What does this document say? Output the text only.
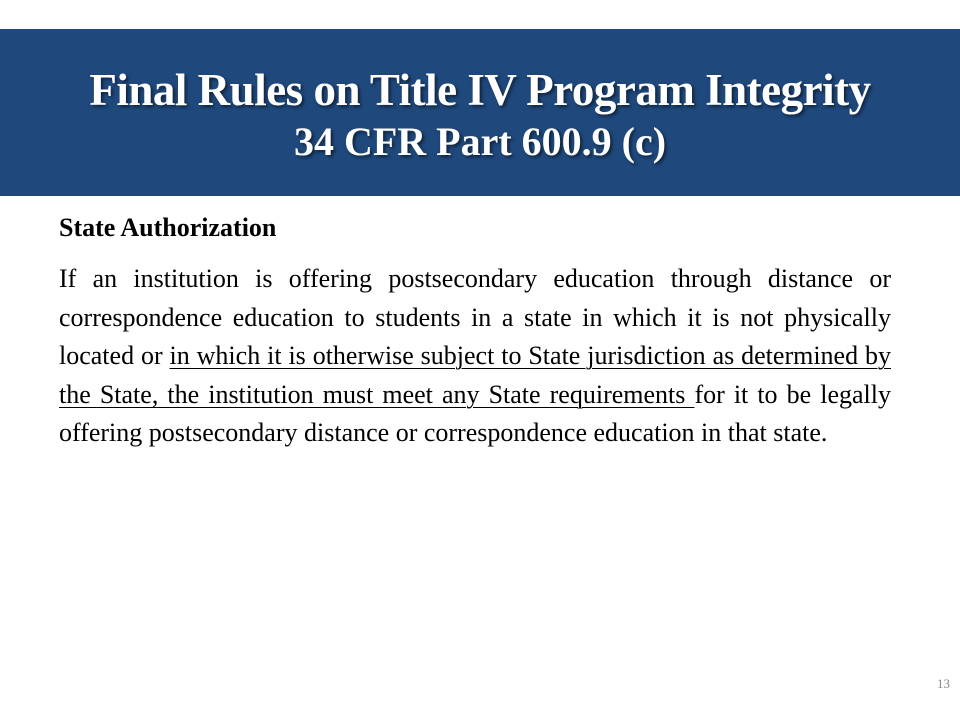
Final Rules on Title IV Program Integrity
34 CFR Part 600.9 (c)
State Authorization

If an institution is offering postsecondary education through distance or correspondence education to students in a state in which it is not physically located or in which it is otherwise subject to State jurisdiction as determined by the State, the institution must meet any State requirements for it to be legally offering postsecondary distance or correspondence education in that state.

13
